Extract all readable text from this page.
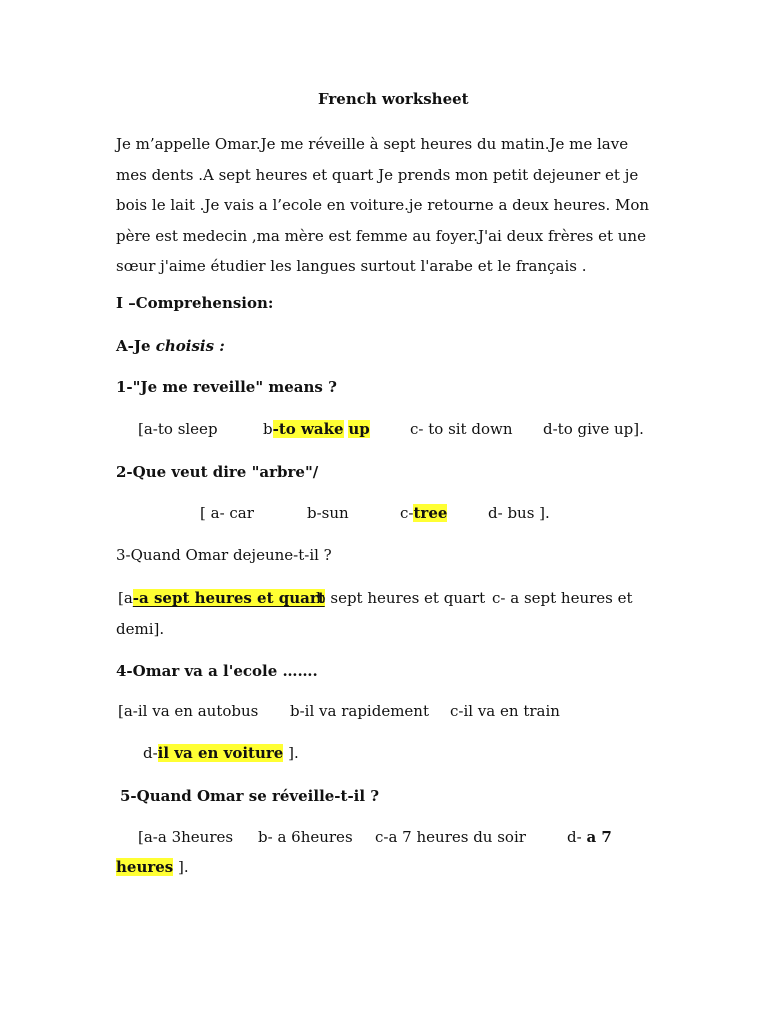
French worksheet
Je m’appelle Omar.Je me réveille à sept heures du matin.Je me lave mes dents .A sept heures et quart Je prends mon petit dejeuner et je bois le lait .Je vais a l’ecole en voiture.je retourne a deux heures. Mon père est medecin ,ma mère est femme au foyer.J'ai deux frères et une sœur j'aime étudier les langues surtout l'arabe et le français .
I –Comprehension:
A-Je choisis :
1-"Je me reveille" means ?
[a-to sleep	b-to wake up	c- to sit down d-to give up].
2-Que veut dire "arbre"/
[ a- car	b-sun	c-tree	d- bus ].
3-Quand Omar dejeune-t-il ?
[a-a sept heures et quart
b sept heures et quart c- a sept heures et
demi].
4-Omar va a l'ecole …….
[a-il va en autobus b-il va rapidement c-il va en train
d-il va en voiture ].
5-Quand Omar se réveille-t-il ?
[a-a 3heures b- a 6heures c-a 7 heures du soir	d- a 7
heures ].
